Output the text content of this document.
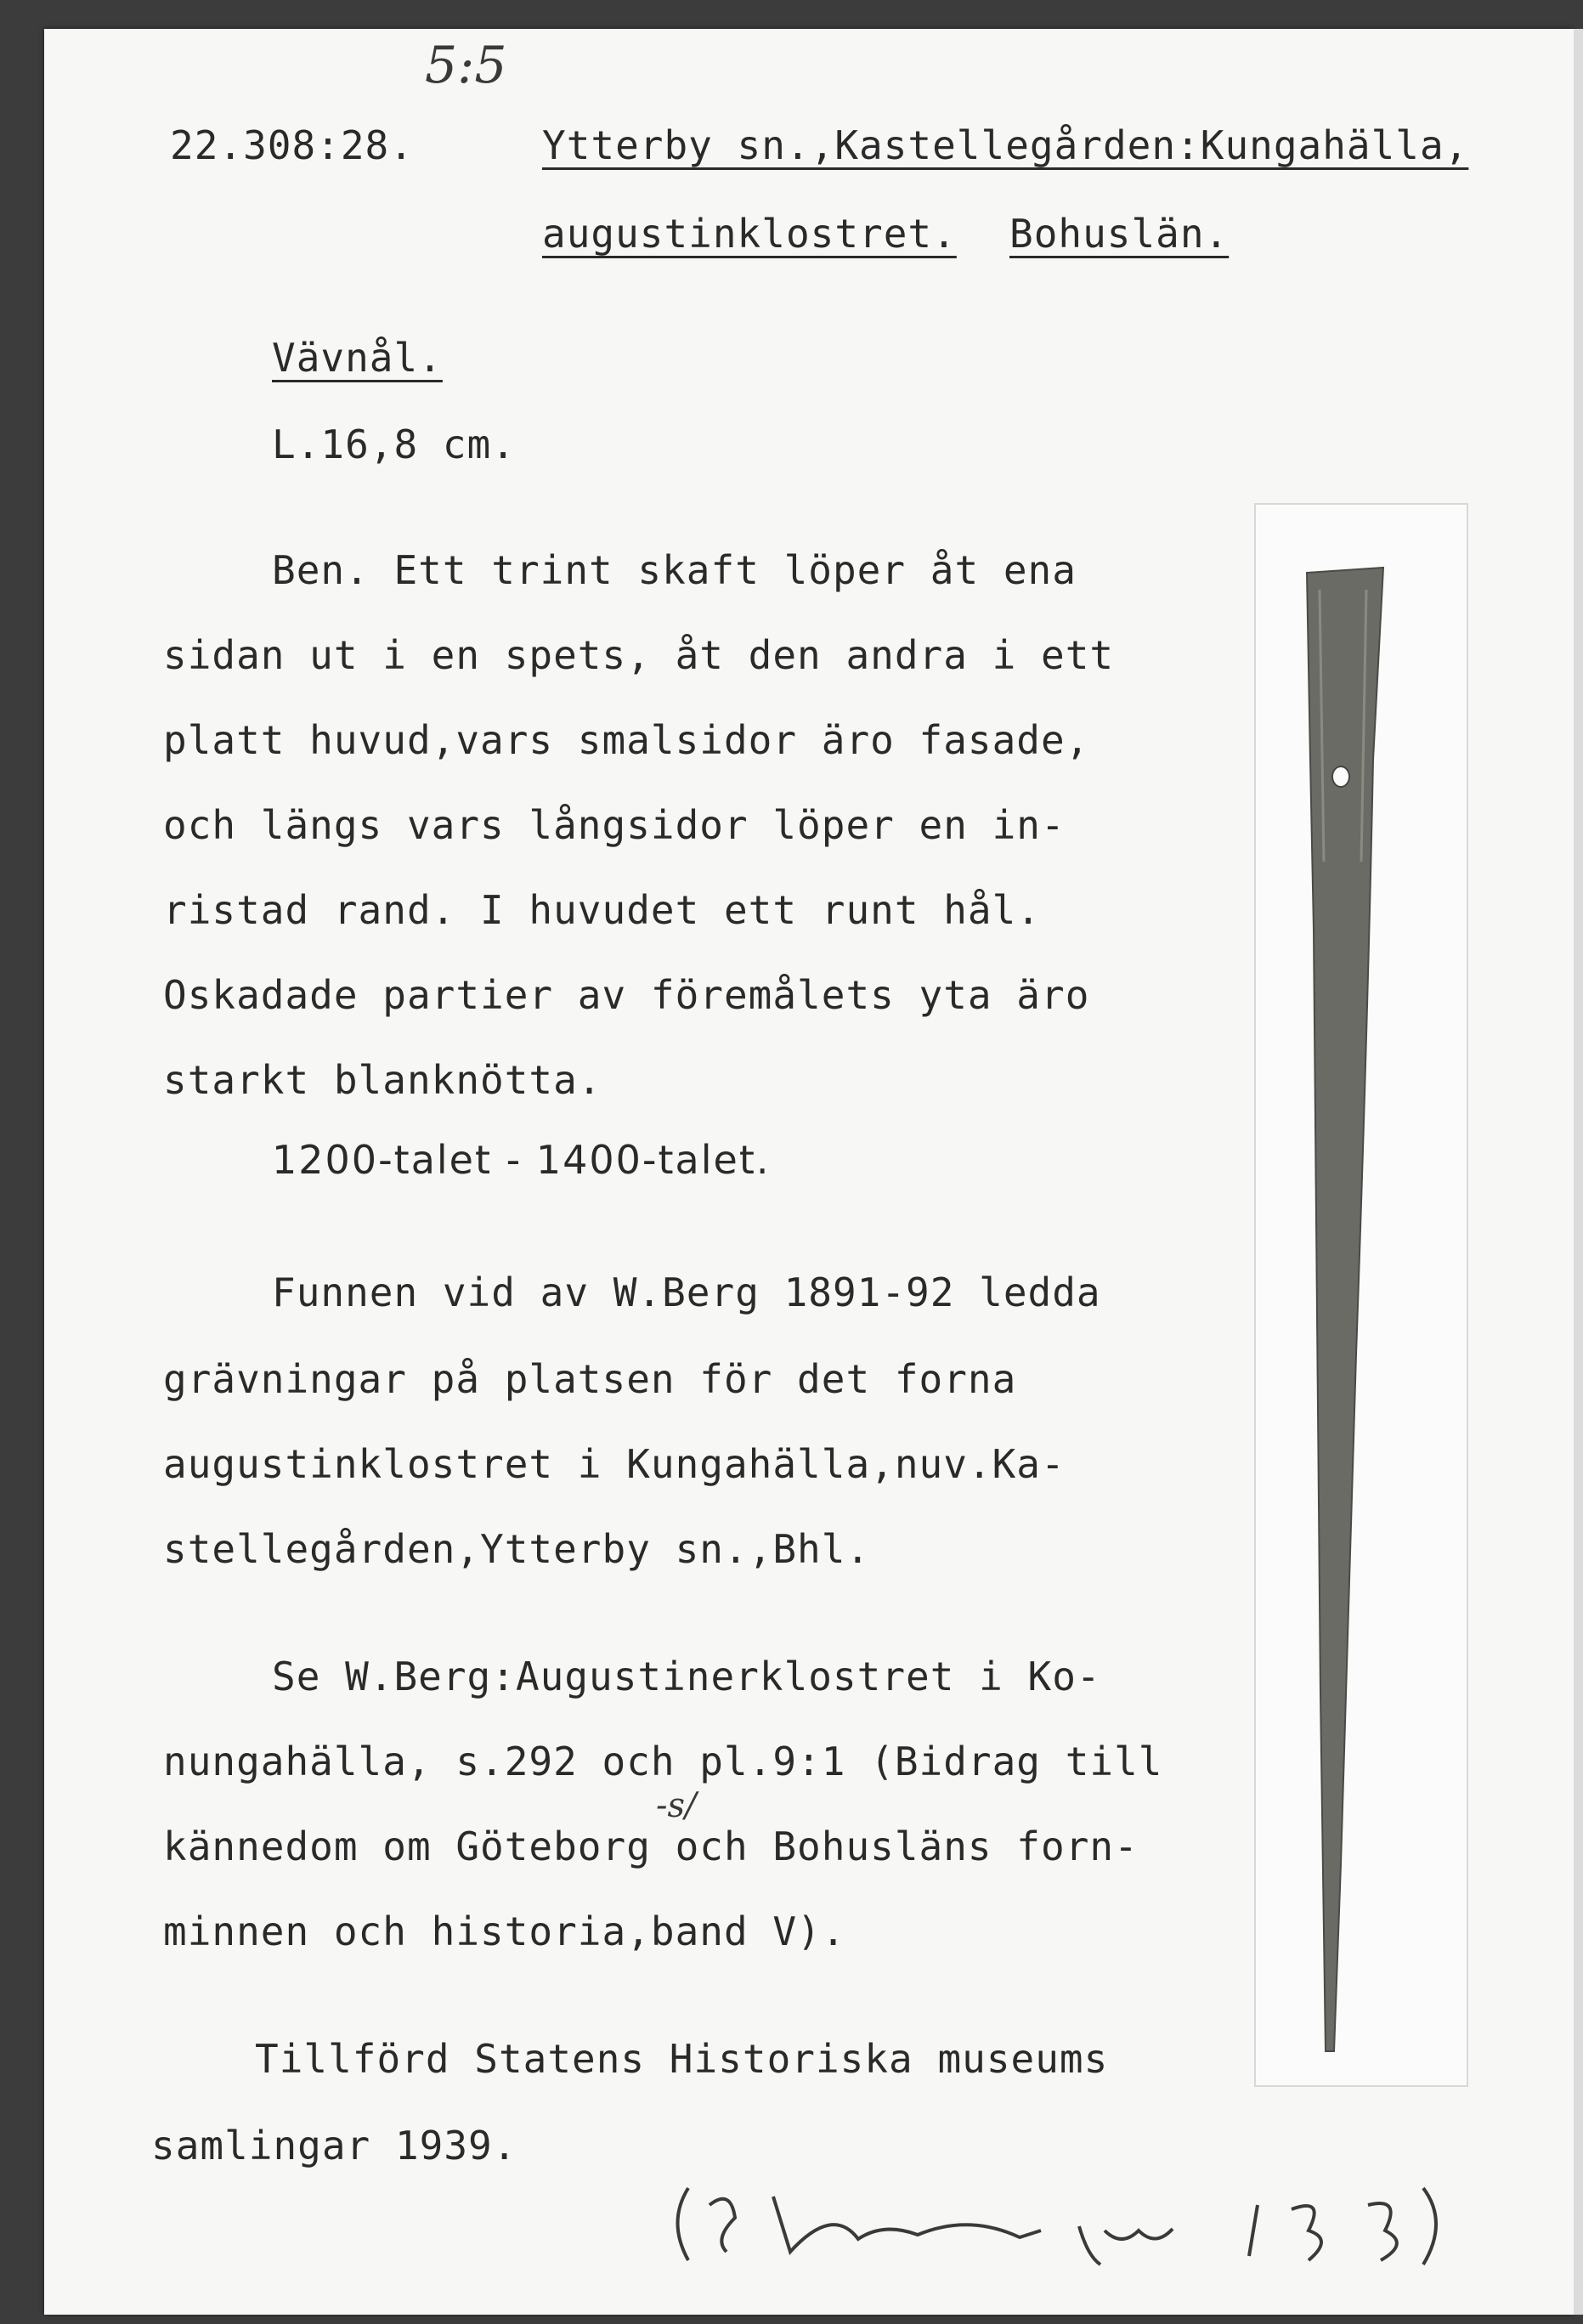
5:5
22.308:28.	Ytterby sn.,Kastellegården:Kungahälla,
augustinklostret. Bohuslän.
Vävnål.
L.16,8 cm.
Ben. Ett trint skaft löper åt ena
sidan ut i en spets, åt den andra i ett
platt huvud,vars smalsidor äro fasade,
och längs vars långsidor löper en in-
ristad rand. I huvudet ett runt hål.
Oskadade partier av föremålets yta äro
starkt blanknötta.
1200-talet - 1400-talet.
Funnen vid av W.Berg 1891-92 ledda
grävningar på platsen för det forna
augustinklostret i Kungahälla,nuv.Ka-
stellegården,Ytterby sn.,Bhl.
Se W.Berg:Augustinerklostret i Ko-
nungahälla, s.292 och pl.9:1 (Bidrag till
kännedom om Göteborg och Bohusläns forn-
minnen och historia,band V).
-s/
Tillförd Statens Historiska museums
samlingar 1939.
